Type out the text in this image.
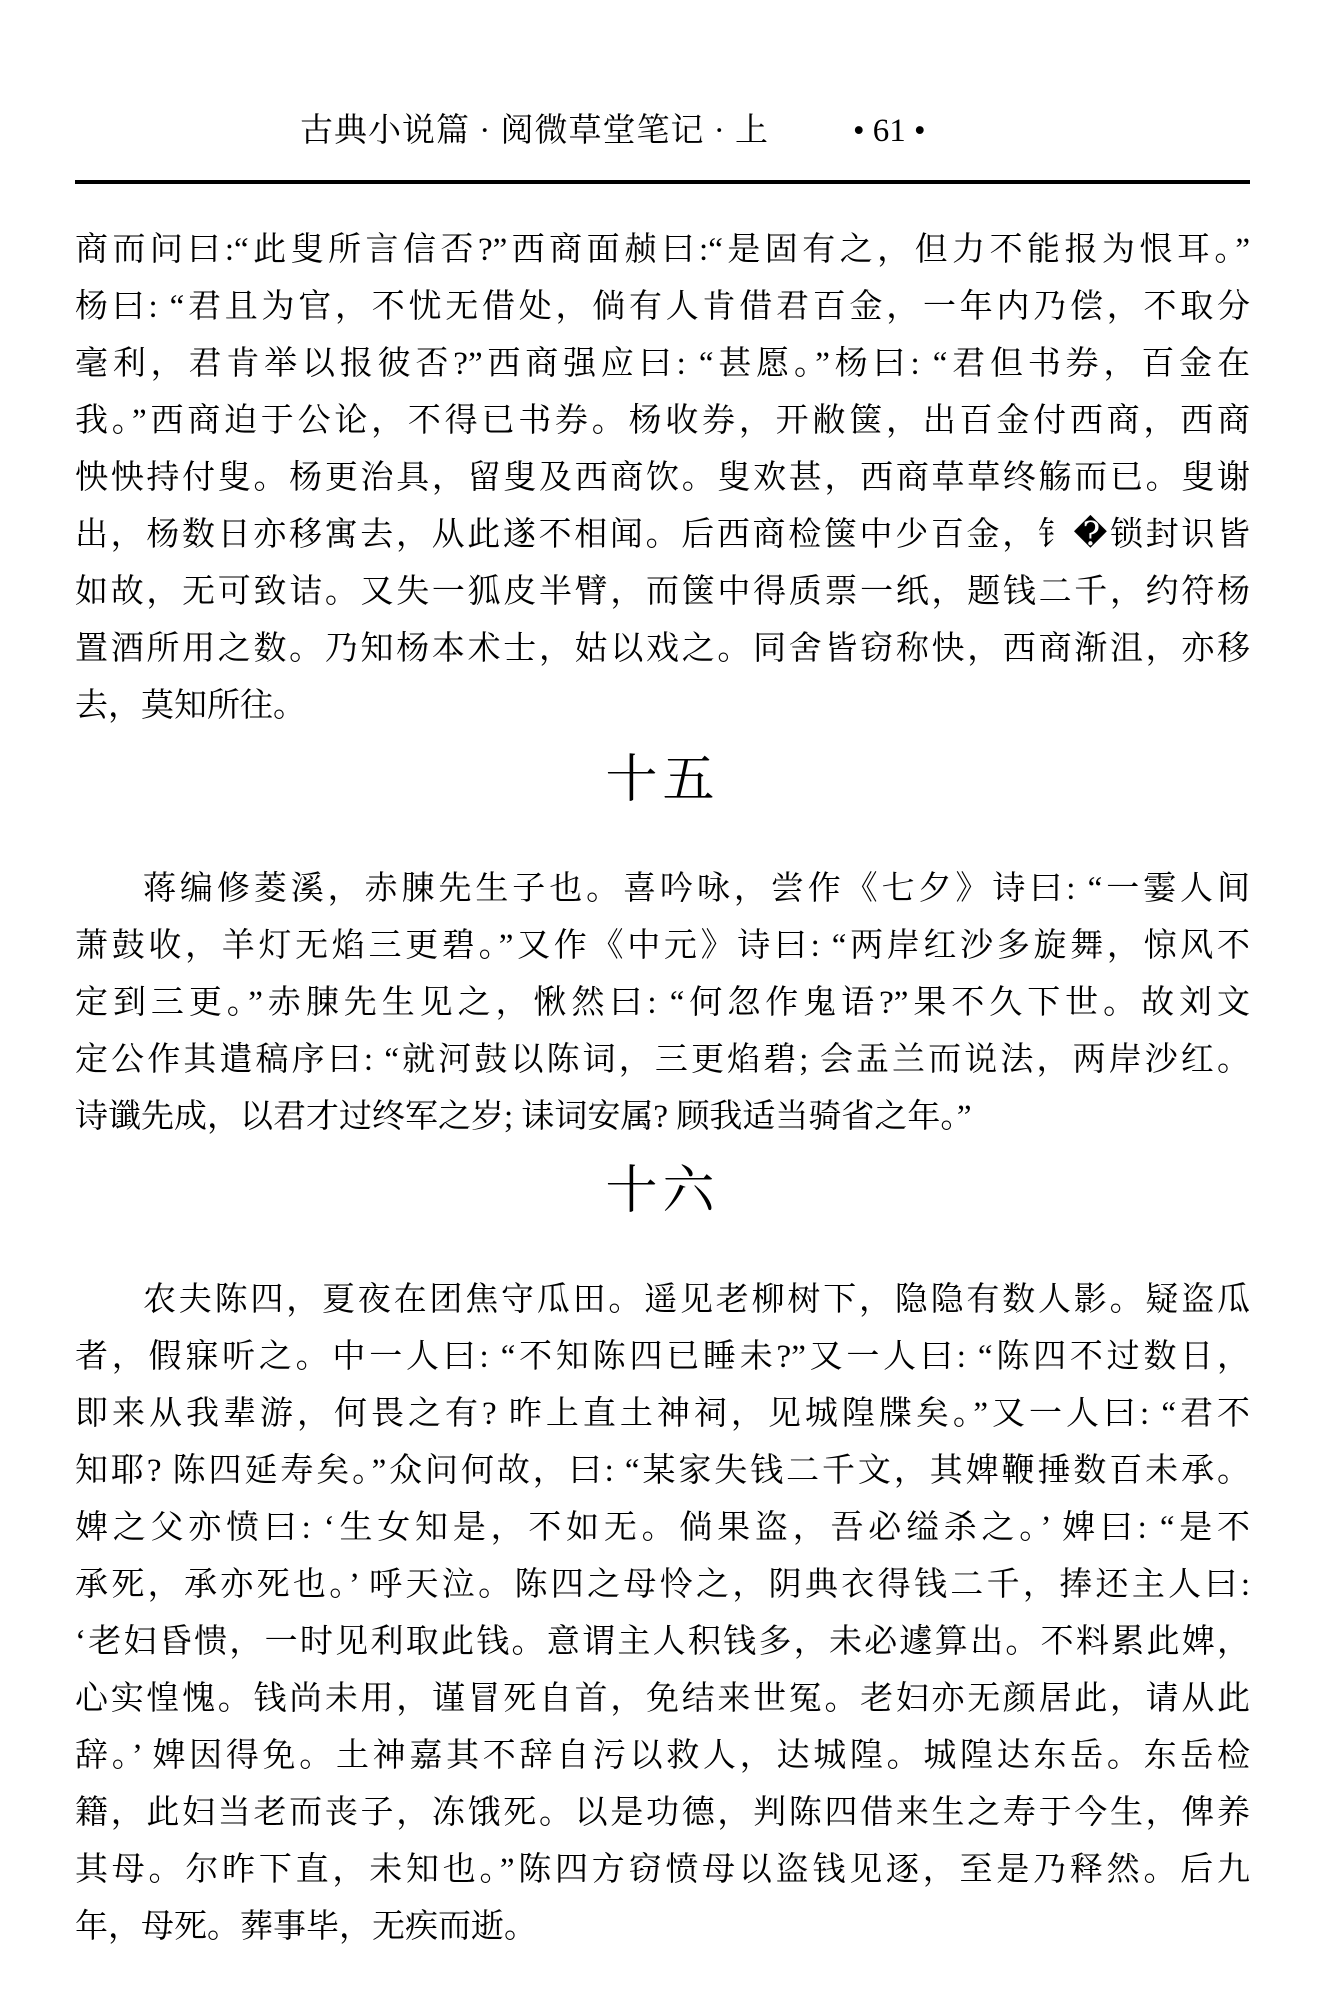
古典小说篇 · 阅微草堂笔记 · 上	• 61 •
商而问曰:“此叟所言信否?”西商面赪曰:“是固有之，但力不能报为恨耳。”
杨曰: “君且为官，不忧无借处，倘有人肯借君百金，一年内乃偿，不取分
毫利，君肯举以报彼否?”西商强应曰: “甚愿。”杨曰: “君但书券，百金在
我。”西商迫于公论，不得已书券。杨收券，开敝箧，出百金付西商，西商
怏怏持付叟。杨更治具，留叟及西商饮。叟欢甚，西商草草终觞而已。叟谢
出，杨数日亦移寓去，从此遂不相闻。后西商检箧中少百金，钅�锁封识皆
如故，无可致诘。又失一狐皮半臂，而箧中得质票一纸，题钱二千，约符杨
置酒所用之数。乃知杨本术士，姑以戏之。同舍皆窃称快，西商渐沮，亦移
去，莫知所往。
十五
蒋编修菱溪，赤腖先生子也。喜吟咏，尝作《七夕》诗曰: “一霎人间
萧鼓收，羊灯无焰三更碧。”又作《中元》诗曰: “两岸红沙多旋舞，惊风不
定到三更。”赤腖先生见之，愀然曰: “何忽作鬼语?”果不久下世。故刘文
定公作其遣稿序曰: “就河鼓以陈词，三更焰碧; 会盂兰而说法，两岸沙红。
诗谶先成，以君才过终军之岁; 诔词安属? 顾我适当骑省之年。”
十六
农夫陈四，夏夜在团焦守瓜田。遥见老柳树下，隐隐有数人影。疑盗瓜
者，假寐听之。中一人曰: “不知陈四已睡未?”又一人曰: “陈四不过数日，
即来从我辈游，何畏之有? 昨上直土神祠，见城隍牒矣。”又一人曰: “君不
知耶? 陈四延寿矣。”众问何故，曰: “某家失钱二千文，其婢鞭捶数百未承。
婢之父亦愤曰: ‘生女知是，不如无。倘果盗，吾必缢杀之。’ 婢曰: “是不
承死，承亦死也。’ 呼天泣。陈四之母怜之，阴典衣得钱二千，捧还主人曰:
‘老妇昏愦，一时见利取此钱。意谓主人积钱多，未必遽算出。不料累此婢，
心实惶愧。钱尚未用，谨冒死自首，免结来世冤。老妇亦无颜居此，请从此
辞。’ 婢因得免。土神嘉其不辞自污以救人，达城隍。城隍达东岳。东岳检
籍，此妇当老而丧子，冻饿死。以是功德，判陈四借来生之寿于今生，俾养
其母。尔昨下直，未知也。”陈四方窃愤母以盗钱见逐，至是乃释然。后九
年，母死。葬事毕，无疾而逝。
